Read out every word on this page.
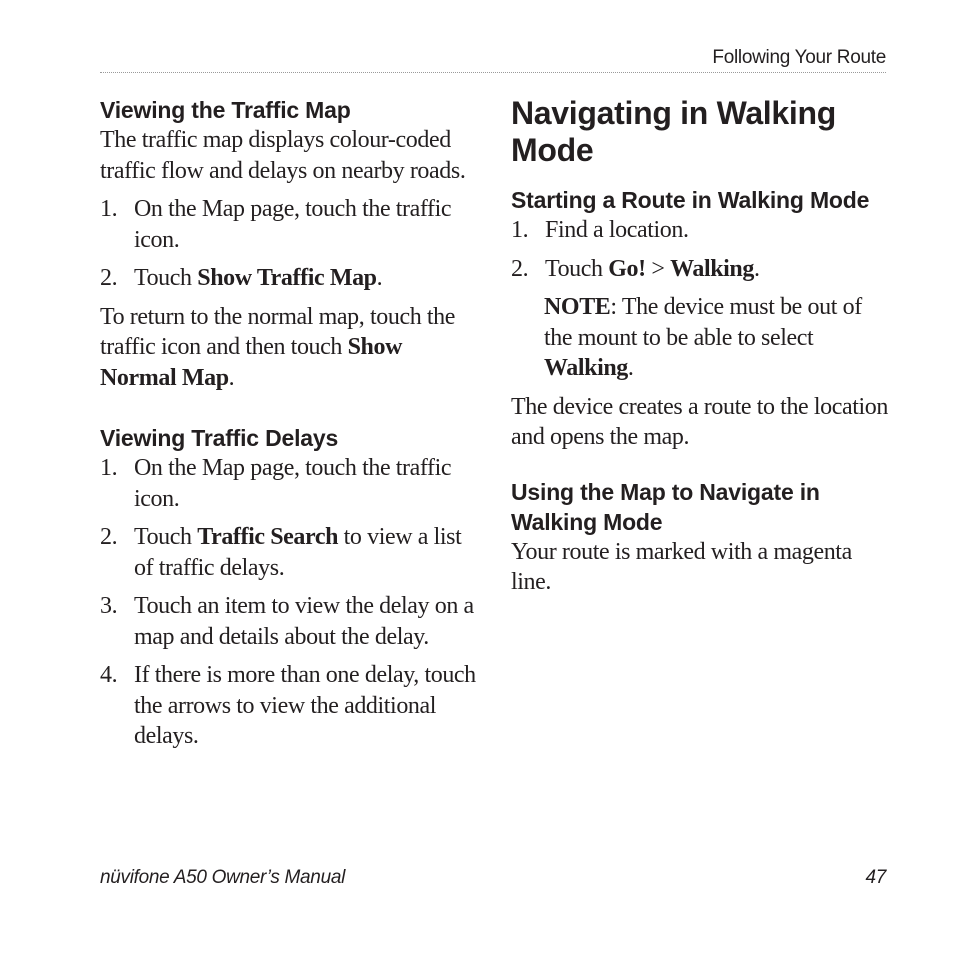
Following Your Route
Viewing the Traffic Map

The traffic map displays colour-coded traffic flow and delays on nearby roads.

1. On the Map page, touch the traffic icon.
2. Touch Show Traffic Map.

To return to the normal map, touch the traffic icon and then touch Show Normal Map.

Viewing Traffic Delays
1. On the Map page, touch the traffic icon.
2. Touch Traffic Search to view a list of traffic delays.
3. Touch an item to view the delay on a map and details about the delay.
4. If there is more than one delay, touch the arrows to view the additional delays.
Navigating in Walking Mode
Starting a Route in Walking Mode
1. Find a location.
2. Touch Go! > Walking.

NOTE: The device must be out of the mount to be able to select Walking.

The device creates a route to the location and opens the map.

Using the Map to Navigate in Walking Mode

Your route is marked with a magenta line.

nüvifone A50 Owner’s Manual	47
